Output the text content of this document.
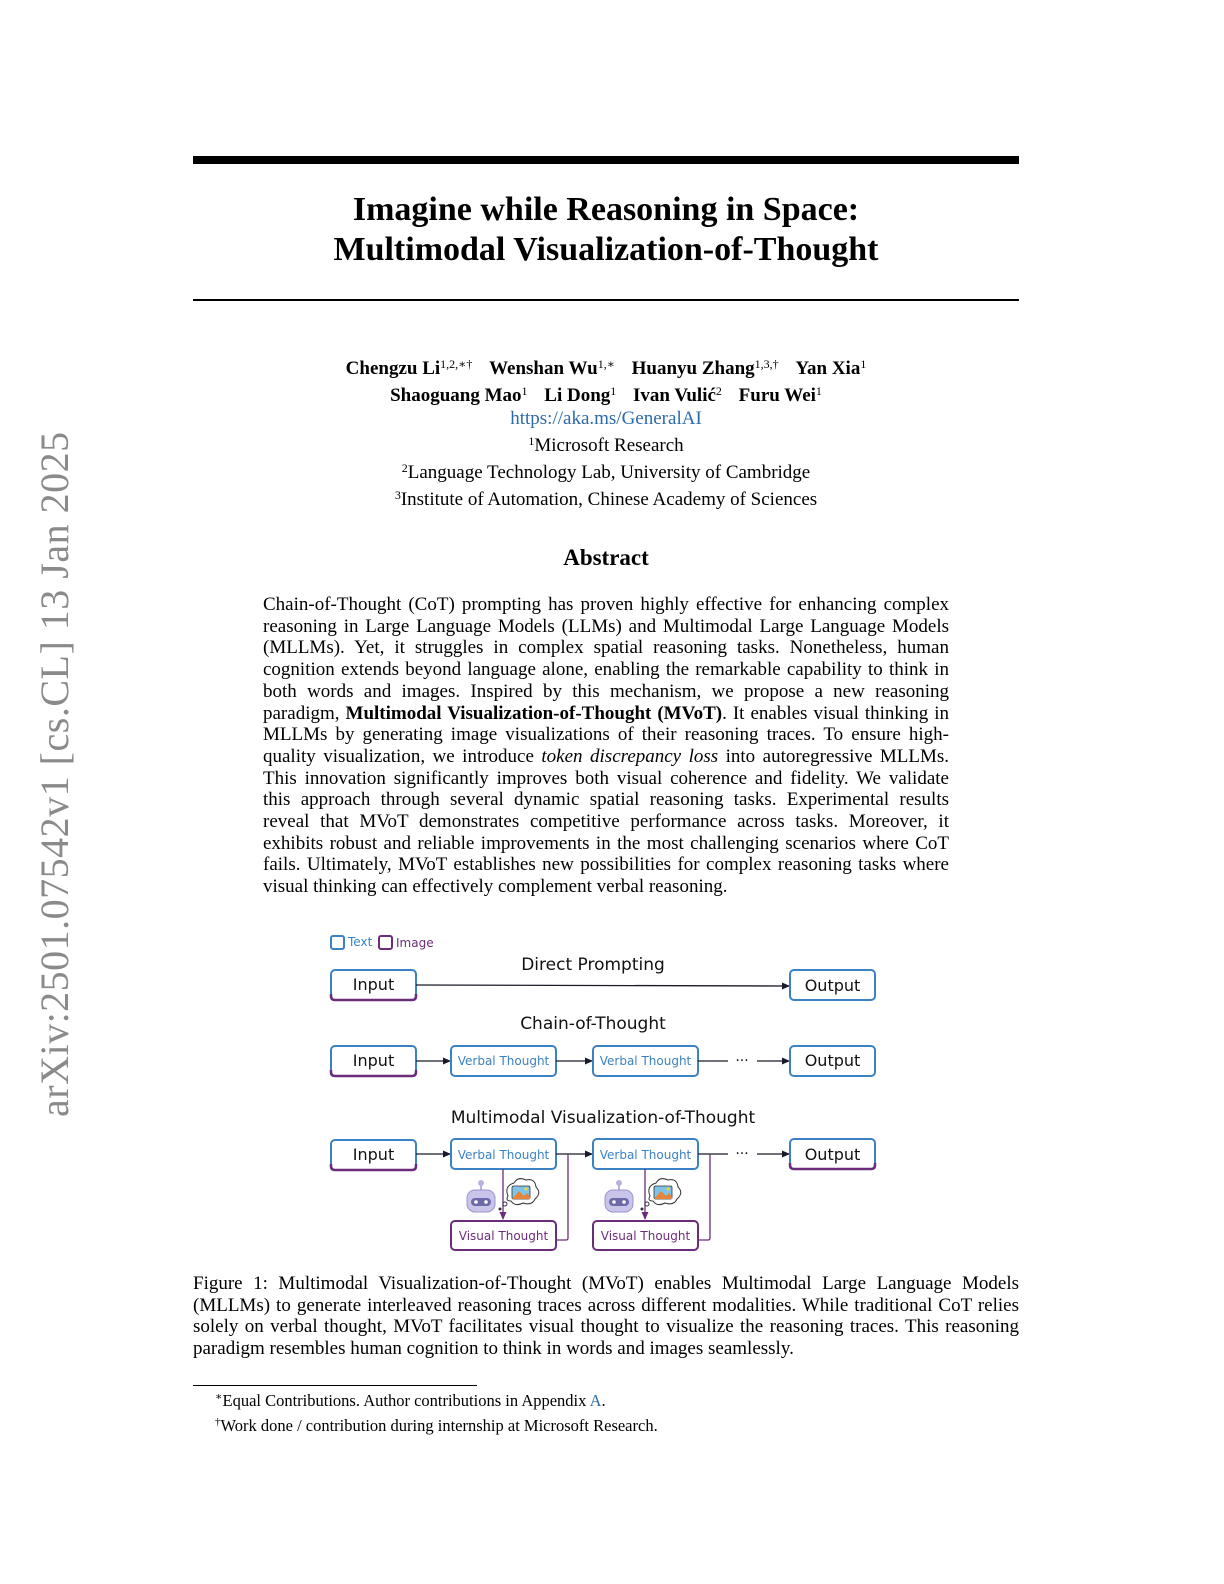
arXiv:2501.07542v1 [cs.CL] 13 Jan 2025
Imagine while Reasoning in Space:
Multimodal Visualization-of-Thought
Chengzu $Li^{1,2,∗\dagger}$ Wenshan $Wu^{1,∗}$ Huanyu Zhang$^{1,3,\dagger}$ Yan Xia$^1$
Shaoguang Mao$^1$ Li Dong$^1$ Ivan Vulić$^2$ Furu Wei$^1$
https://aka.ms/GeneralAI
$^1$Microsoft Research
$^2$Language Technology Lab, University of Cambridge
$^3$Institute of Automation, Chinese Academy of Sciences
Abstract
Chain-of-Thought (CoT) prompting has proven highly effective for enhancing complex reasoning in Large Language Models (LLMs) and Multimodal Large Language Models (MLLMs). Yet, it struggles in complex spatial reasoning tasks. Nonetheless, human cognition extends beyond language alone, enabling the remarkable capability to think in both words and images. Inspired by this mechanism, we propose a new reasoning paradigm, Multimodal Visualization-of-Thought (MVoT). It enables visual thinking in MLLMs by generating image visualizations of their reasoning traces. To ensure high-quality visualization, we introduce token discrepancy loss into autoregressive MLLMs. This innovation significantly improves both visual coherence and fidelity. We validate this approach through several dynamic spatial reasoning tasks. Experimental results reveal that MVoT demonstrates competitive performance across tasks. Moreover, it exhibits robust and reliable improvements in the most challenging scenarios where CoT fails. Ultimately, MVoT establishes new possibilities for complex reasoning tasks where visual thinking can effectively complement verbal reasoning.
Text Image
Direct Prompting
Input	Output
Chain-of-Thought
Input	Verbal Thought	Verbal Thought	···	Output
Multimodal Visualization-of-Thought
Input	Verbal Thought	Verbal Thought	···	Output
Visual Thought	Visual Thought
Figure 1: Multimodal Visualization-of-Thought (MVoT) enables Multimodal Large Language Models (MLLMs) to generate interleaved reasoning traces across different modalities. While traditional CoT relies solely on verbal thought, MVoT facilitates visual thought to visualize the reasoning traces. This reasoning paradigm resembles human cognition to think in words and images seamlessly.
∗Equal Contributions. Author contributions in Appendix A.
†Work done / contribution during internship at Microsoft Research.
